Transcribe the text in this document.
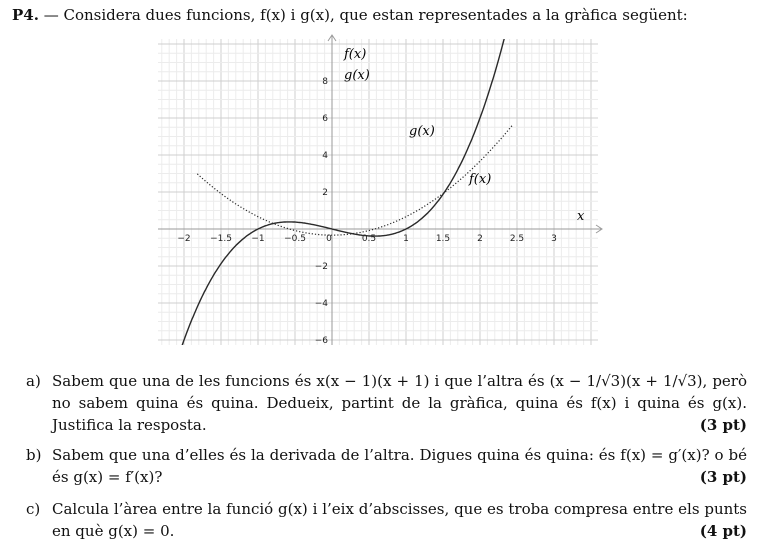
P4. — Considera dues funcions, f(x) i g(x), que estan representades a la gràfica següent:
−2 −1.5 −1 −0.5 0	0.5	1	1.5	2	2.5	3
−6
−4
−2
2
4
6
8
f(x)
g(x)
x
g(x)
f(x)
a) Sabem que una de les funcions és x(x − 1)(x + 1) i que l’altra és (x − 1/√3)(x + 1/√3), però no sabem quina és quina. Dedueix, partint de la gràfica, quina és f(x) i quina és g(x). Justifica la resposta.	(3 pt)
b) Sabem que una d’elles és la derivada de l’altra. Digues quina és quina: és f(x) = g′(x)? o bé és g(x) = f′(x)?	(3 pt)
c) Calcula l’àrea entre la funció g(x) i l’eix d’abscisses, que es troba compresa entre els punts en què g(x) = 0.	(4 pt)
